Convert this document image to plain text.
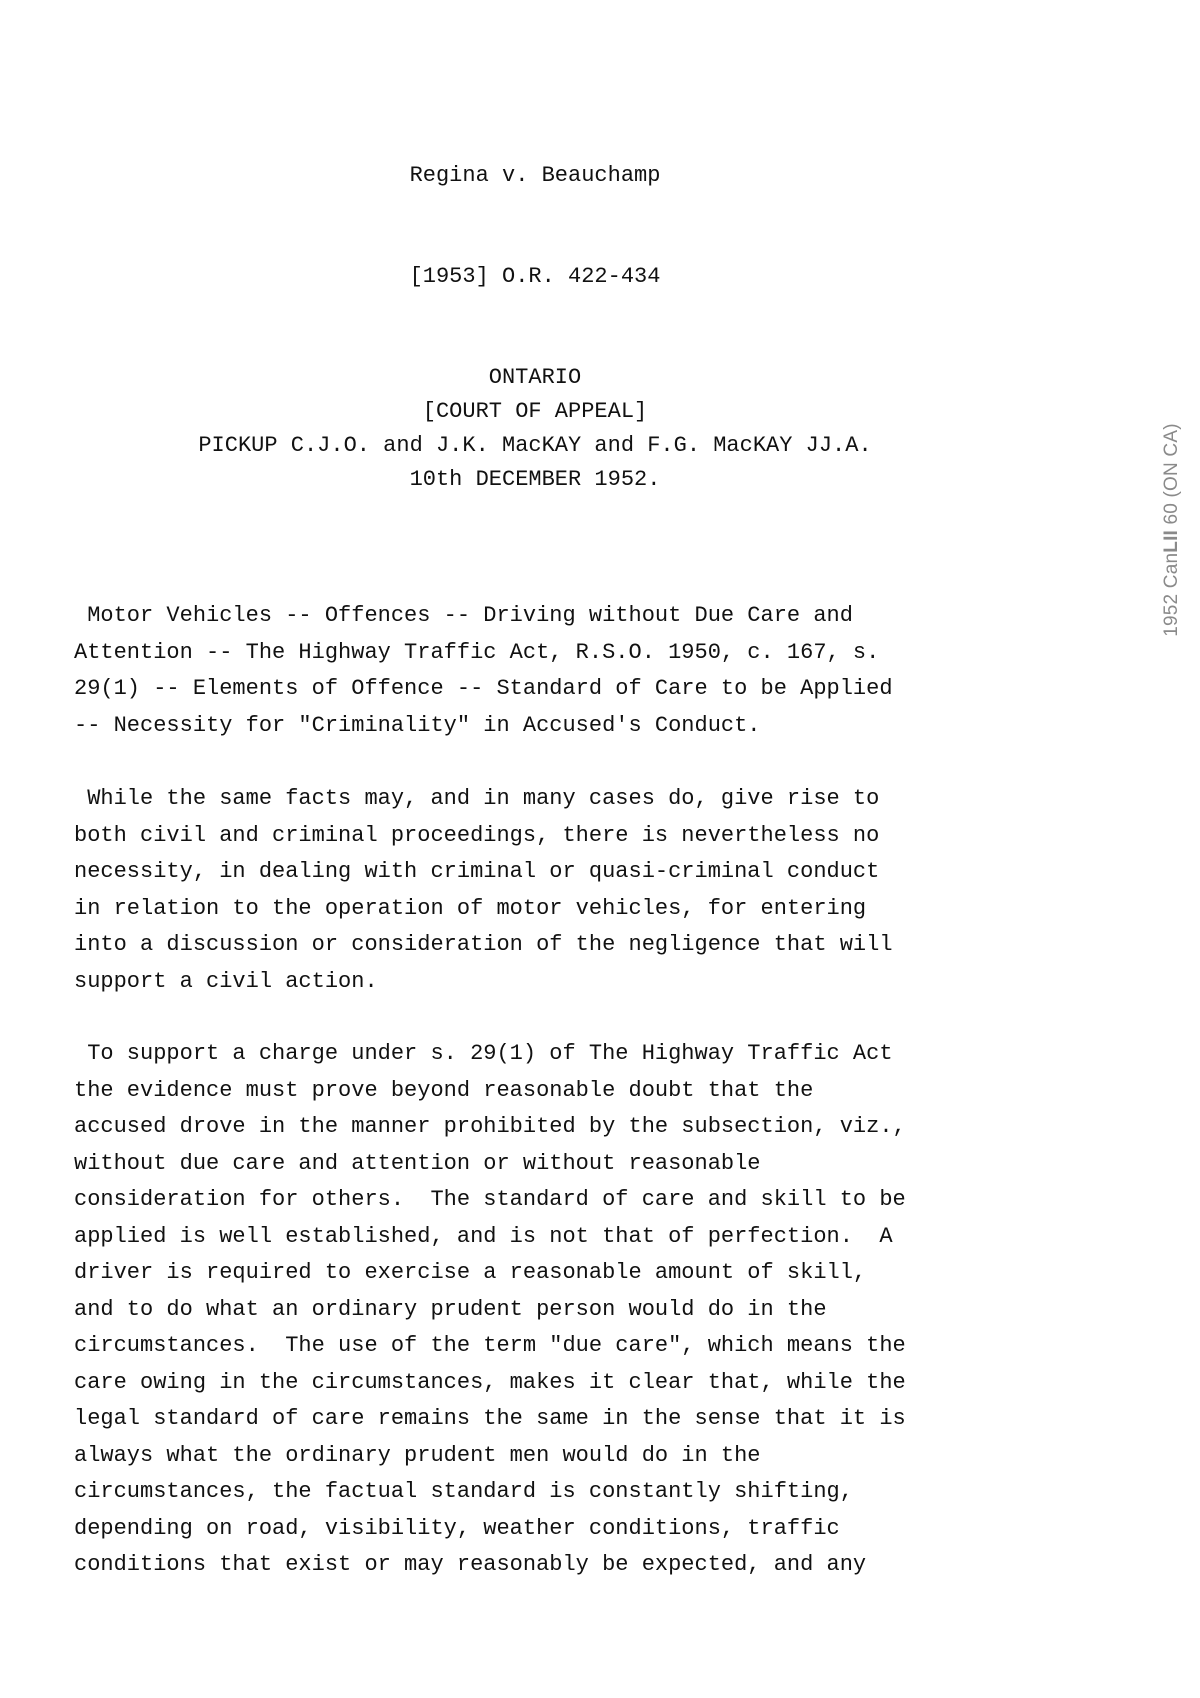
Regina v. Beauchamp
[1953] O.R. 422-434
ONTARIO
[COURT OF APPEAL]
PICKUP C.J.O. and J.K. MacKAY and F.G. MacKAY JJ.A.
10th DECEMBER 1952.

Motor Vehicles -- Offences -- Driving without Due Care and
Attention -- The Highway Traffic Act, R.S.O. 1950, c. 167, s.
29(1) -- Elements of Offence -- Standard of Care to be Applied
-- Necessity for "Criminality" in Accused's Conduct.

While the same facts may, and in many cases do, give rise to
both civil and criminal proceedings, there is nevertheless no
necessity, in dealing with criminal or quasi-criminal conduct
in relation to the operation of motor vehicles, for entering
into a discussion or consideration of the negligence that will
support a civil action.

To support a charge under s. 29(1) of The Highway Traffic Act
the evidence must prove beyond reasonable doubt that the
accused drove in the manner prohibited by the subsection, viz.,
without due care and attention or without reasonable
consideration for others.  The standard of care and skill to be
applied is well established, and is not that of perfection.  A
driver is required to exercise a reasonable amount of skill,
and to do what an ordinary prudent person would do in the
circumstances.  The use of the term "due care", which means the
care owing in the circumstances, makes it clear that, while the
legal standard of care remains the same in the sense that it is
always what the ordinary prudent men would do in the
circumstances, the factual standard is constantly shifting,
depending on road, visibility, weather conditions, traffic
conditions that exist or may reasonably be expected, and any

1952 CanLII 60 (ON CA)
